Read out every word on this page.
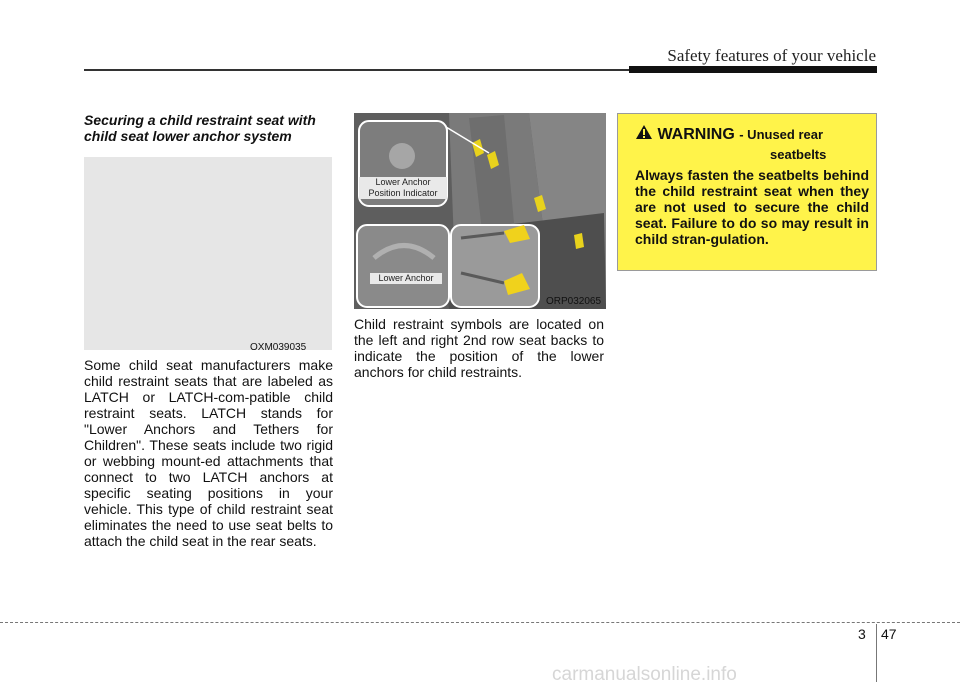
Safety features of your vehicle
Securing a child restraint seat with child seat lower anchor system
OXM039035
Some child seat manufacturers make child restraint seats that are labeled as LATCH or LATCH-com-patible child restraint seats. LATCH stands for "Lower Anchors and Tethers for Children". These seats include two rigid or webbing mount-ed attachments that connect to two LATCH anchors at specific seating positions in your vehicle. This type of child restraint seat eliminates the need to use seat belts to attach the child seat in the rear seats.
Lower Anchor Position Indicator
Lower Anchor
ORP032065
Child restraint symbols are located on the left and right 2nd row seat backs to indicate the position of the lower anchors for child restraints.
WARNING - Unused rear
seatbelts
Always fasten the seatbelts behind the child restraint seat when they are not used to secure the child seat. Failure to do so may result in child stran-gulation.
3 47
carmanualsonline.info
